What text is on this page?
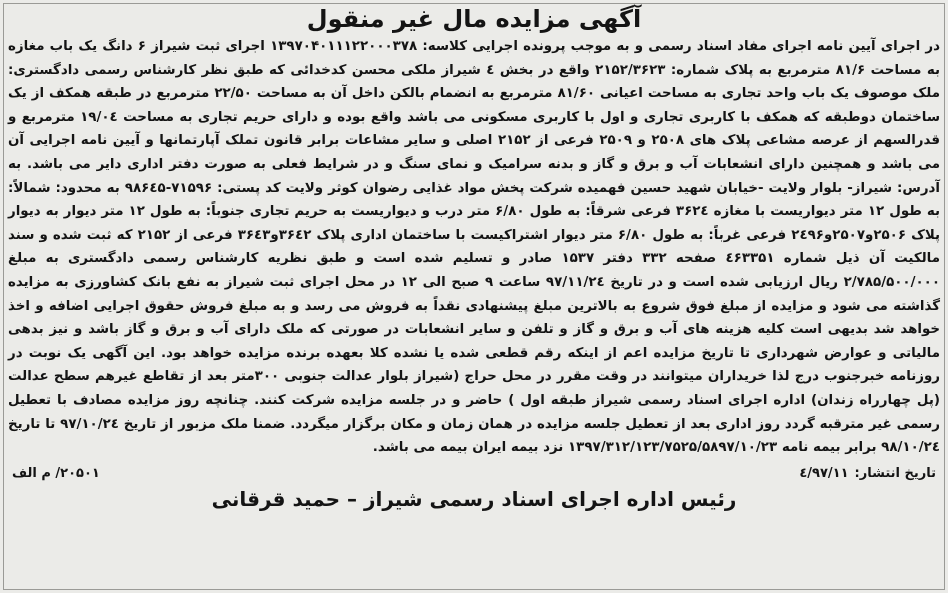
آگهی مزایده مال غیر منقول

در اجرای آیین نامه اجرای مفاد اسناد رسمی و به موجب پرونده اجرایی کلاسه: ۱۳۹۷۰۴۰۱۱۱۲۲۰۰۰۳۷۸ اجرای ثبت شیراز ۶ دانگ یک باب مغازه به مساحت ۸۱/۶ مترمربع به پلاک شماره: ۲۱۵۲/۳۶۲۳ واقع در بخش ٤ شیراز ملکی محسن کدخدائی که طبق نظر کارشناس رسمی دادگستری: ملک موصوف یک باب واحد تجاری به مساحت اعیانی ۸۱/۶۰ مترمربع به انضمام بالکن داخل آن به مساحت ۲۲/۵۰ مترمربع در طبقه همکف از یک ساختمان دوطبقه که همکف با کاربری تجاری و اول با کاربری مسکونی می باشد واقع بوده و دارای حریم تجاری به مساحت ۱۹/۰٤ مترمربع و قدرالسهم از عرصه مشاعی پلاک های ۲۵۰۸ و ۲۵۰۹ فرعی از ۲۱۵۲ اصلی و سایر مشاعات برابر قانون تملک آپارتمانها و آیین نامه اجرایی آن می باشد و همچنین دارای انشعابات آب و برق و گاز و بدنه سرامیک و نمای سنگ و در شرایط فعلی به صورت دفتر اداری دایر می باشد. به آدرس: شیراز- بلوار ولایت -خیابان شهید حسین فهمیده شرکت پخش مواد غذایی رضوان کوثر ولایت کد پستی: ۷۱۵۹۶-۹۸۶٤۵ به محدود: شمالاً: به طول ۱۲ متر دیواریست با مغازه ۳۶۲٤ فرعی شرقاً: به طول ۶/۸۰ متر درب و دیواریست به حریم تجاری جنوباً: به طول ۱۲ متر دیوار به دیوار پلاک ۲۵۰۶و۲۵۰۷و۲٤۹۶ فرعی غرباً: به طول ۶/۸۰ متر دیوار اشتراکیست با ساختمان اداری پلاک ۳۶٤۲و۳۶٤۳ فرعی از ۲۱۵۲ که ثبت شده و سند مالکیت آن ذیل شماره ٤۶۳۳۵۱ صفحه ۳۳۲ دفتر ۱۵۳۷ صادر و تسلیم شده است و طبق نظریه کارشناس رسمی دادگستری به مبلغ ۲/۷۸۵/۵۰۰/۰۰۰ ریال ارزیابی شده است و در تاریخ ۹۷/۱۱/۲٤ ساعت ۹ صبح الی ۱۲ در محل اجرای ثبت شیراز به نفع بانک کشاورزی به مزایده گذاشته می شود و مزایده از مبلغ فوق شروع به بالاترین مبلغ پیشنهادی نقداً به فروش می رسد و به مبلغ فروش حقوق اجرایی اضافه و اخذ خواهد شد بدیهی است کلیه هزینه های آب و برق و گاز و تلفن و سایر انشعابات در صورتی که ملک دارای آب و برق و گاز باشد و نیز بدهی مالیاتی و عوارض شهرداری تا تاریخ مزایده اعم از اینکه رقم قطعی شده یا نشده کلا بعهده برنده مزایده خواهد بود. این آگهی یک نوبت در روزنامه خبرجنوب درج لذا خریداران میتوانند در وقت مقرر در محل حراج (شیراز بلوار عدالت جنوبی ۳۰۰متر بعد از تقاطع غیرهم سطح عدالت (پل چهارراه زندان) اداره اجرای اسناد رسمی شیراز طبقه اول ) حاضر و در جلسه مزایده شرکت کنند. چنانچه روز مزایده مصادف با تعطیل رسمی غیر مترقبه گردد روز اداری بعد از تعطیل جلسه مزایده در همان زمان و مکان برگزار میگردد. ضمنا ملک مزبور از تاریخ ۹۷/۱۰/۲٤ تا تاریخ ۹۸/۱۰/۲٤ برابر بیمه نامه ۱۳۹۷/۳۱۲/۱۲۳/۷۵۲۵/۵۸۹۷/۱۰/۲۳ نزد بیمه ایران بیمه می باشد.

تاریخ انتشار:
۹۷/۱۱/٤
۲۰۵۰۱/ م الف
رئیس اداره اجرای اسناد رسمی شیراز – حمید قرقانی
